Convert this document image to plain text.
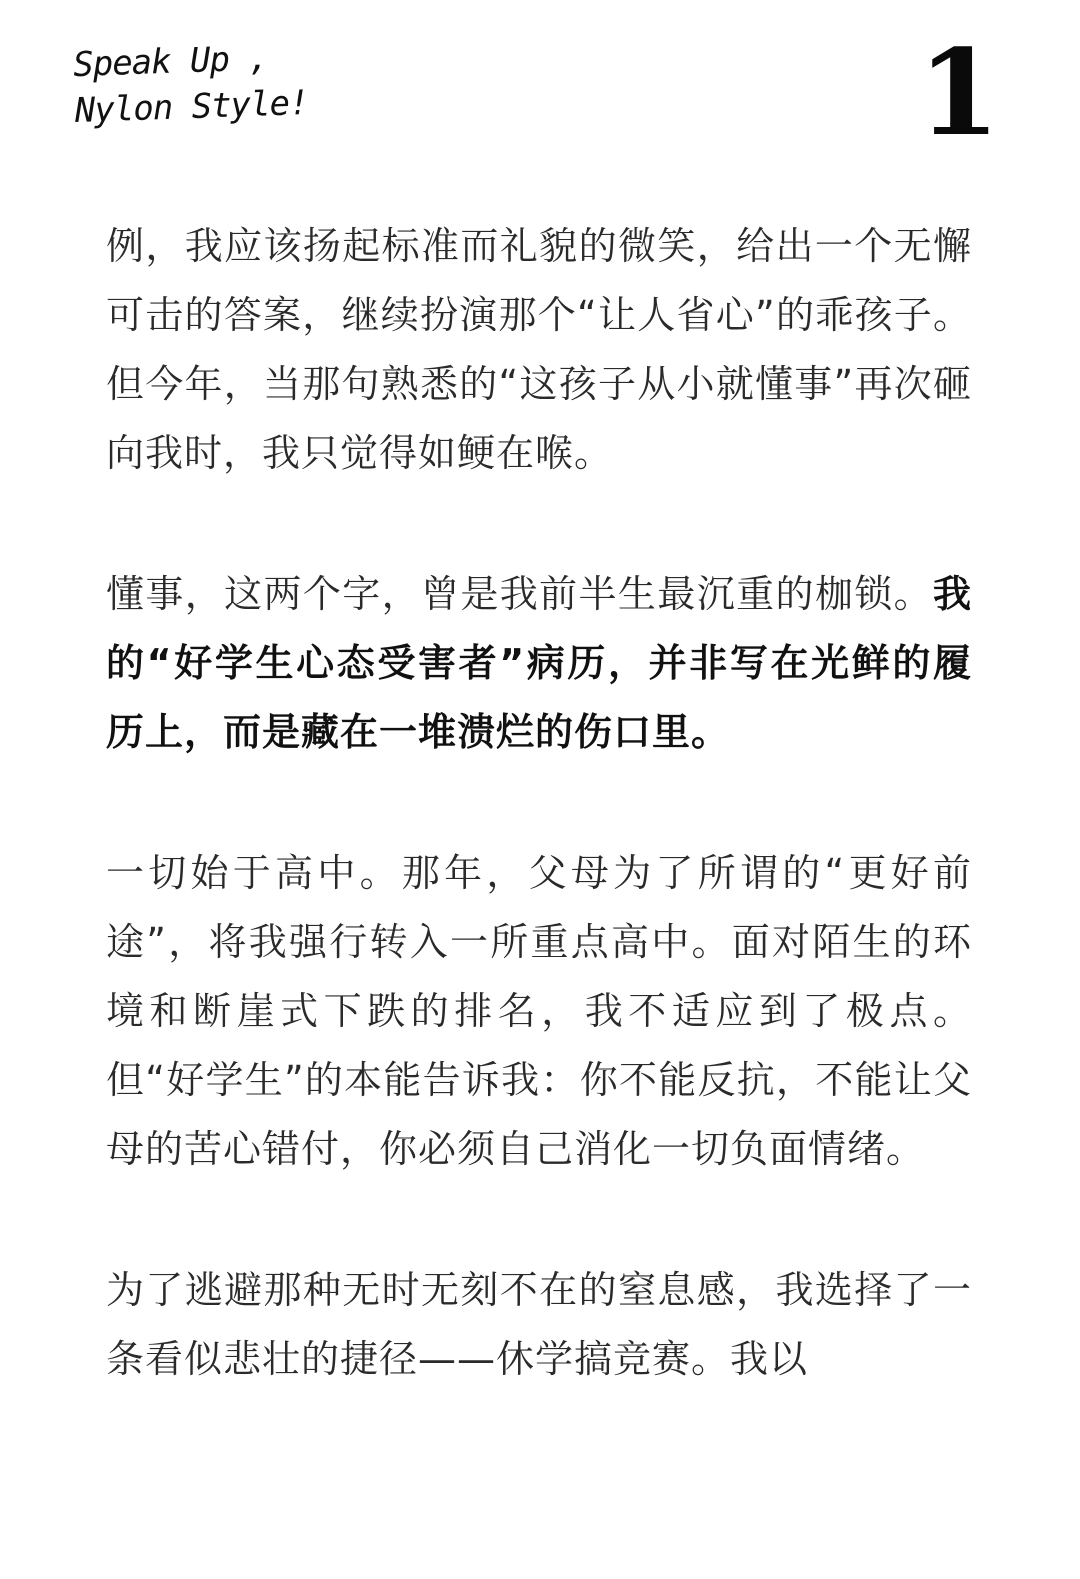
Speak Up ,
Nylon Style!	1

例，我应该扬起标准而礼貌的微笑，给出一个无懈可击的答案，继续扮演那个“让人省心”的乖孩子。但今年，当那句熟悉的“这孩子从小就懂事”再次砸向我时，我只觉得如鲠在喉。

懂事，这两个字，曾是我前半生最沉重的枷锁。我的“好学生心态受害者”病历，并非写在光鲜的履历上，而是藏在一堆溃烂的伤口里。

一切始于高中。那年，父母为了所谓的“更好前途”，将我强行转入一所重点高中。面对陌生的环境和断崖式下跌的排名，我不适应到了极点。但“好学生”的本能告诉我：你不能反抗，不能让父母的苦心错付，你必须自己消化一切负面情绪。

为了逃避那种无时无刻不在的窒息感，我选择了一条看似悲壮的捷径——休学搞竞赛。我以
